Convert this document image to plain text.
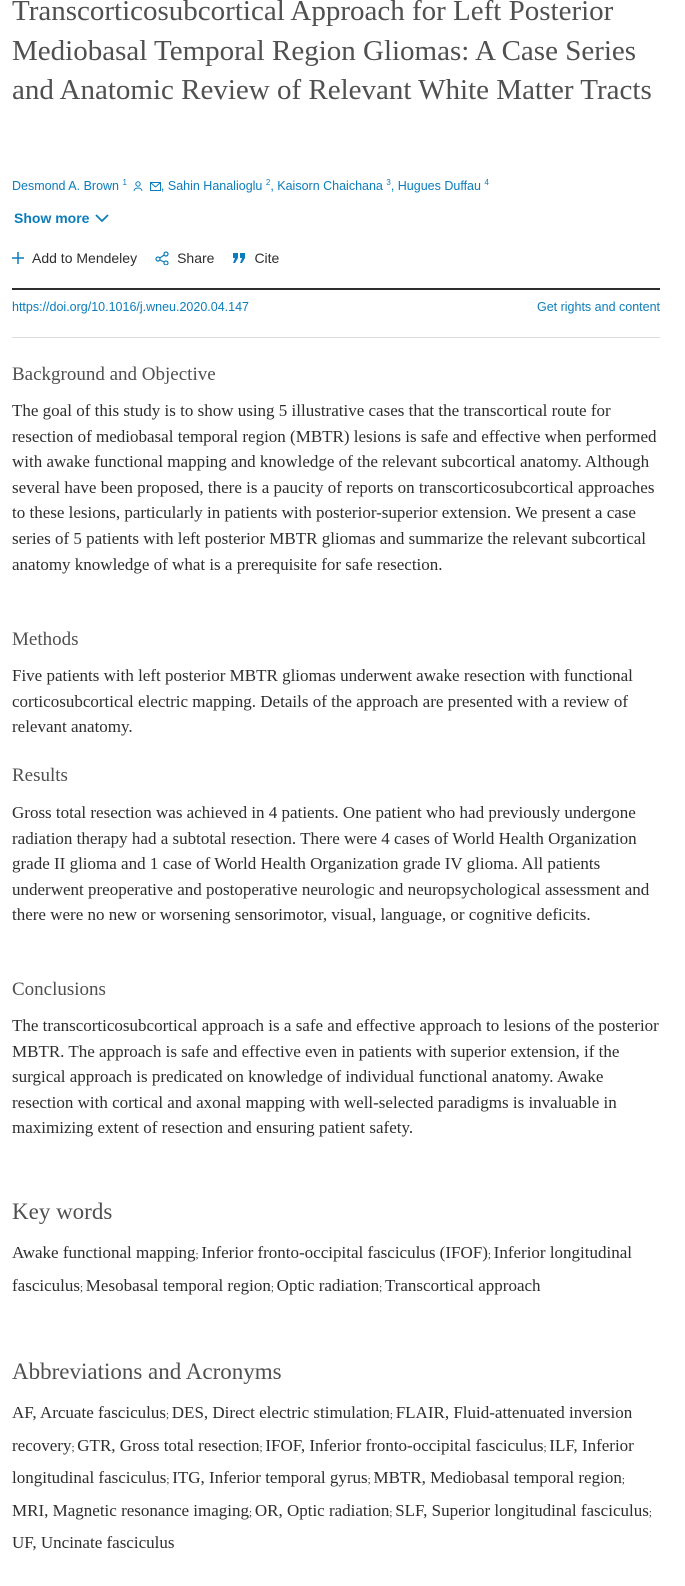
Transcorticosubcortical Approach for Left Posterior Mediobasal Temporal Region Gliomas: A Case Series and Anatomic Review of Relevant White Matter Tracts
Desmond A. Brown $^1$
	, Sahin Hanalioglu $^2$, Kaisorn Chaichana $^3$, Hugues Duffau $^4$
Show more
Add to Mendeley	Share	Cite
https://doi.org/10.1016/j.wneu.2020.04.147	Get rights and content
Background and Objective
The goal of this study is to show using 5 illustrative cases that the transcortical route for resection of mediobasal temporal region (MBTR) lesions is safe and effective when performed with awake functional mapping and knowledge of the relevant subcortical anatomy. Although several have been proposed, there is a paucity of reports on transcorticosubcortical approaches to these lesions, particularly in patients with posterior-superior extension. We present a case series of 5 patients with left posterior MBTR gliomas and summarize the relevant subcortical anatomy knowledge of what is a prerequisite for safe resection.
Methods
Five patients with left posterior MBTR gliomas underwent awake resection with functional corticosubcortical electric mapping. Details of the approach are presented with a review of relevant anatomy.
Results
Gross total resection was achieved in 4 patients. One patient who had previously undergone radiation therapy had a subtotal resection. There were 4 cases of World Health Organization grade II glioma and 1 case of World Health Organization grade IV glioma. All patients underwent preoperative and postoperative neurologic and neuropsychological assessment and there were no new or worsening sensorimotor, visual, language, or cognitive deficits.
Conclusions
The transcorticosubcortical approach is a safe and effective approach to lesions of the posterior MBTR. The approach is safe and effective even in patients with superior extension, if the surgical approach is predicated on knowledge of individual functional anatomy. Awake resection with cortical and axonal mapping with well-selected paradigms is invaluable in maximizing extent of resection and ensuring patient safety.
Key words
Awake functional mapping; Inferior fronto-occipital fasciculus (IFOF); Inferior longitudinal fasciculus; Mesobasal temporal region; Optic radiation; Transcortical approach
Abbreviations and Acronyms
AF, Arcuate fasciculus; DES, Direct electric stimulation; FLAIR, Fluid-attenuated inversion recovery; GTR, Gross total resection; IFOF, Inferior fronto-occipital fasciculus; ILF, Inferior longitudinal fasciculus; ITG, Inferior temporal gyrus; MBTR, Mediobasal temporal region; MRI, Magnetic resonance imaging; OR, Optic radiation; SLF, Superior longitudinal fasciculus; UF, Uncinate fasciculus
